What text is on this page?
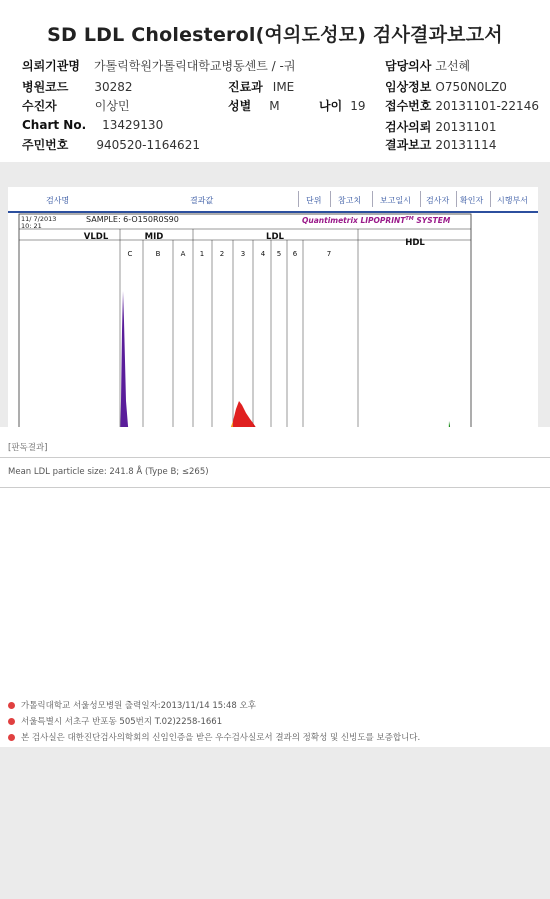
SD LDL Cholesterol(여의도성모) 검사결과보고서
의뢰기관명 가톨릭학원가톨릭대학교병동센트 / -궈
병원코드 30282	진료과 IME
수진자	이상민	성별 M	나이 19
Chart No. 13429130
주민번호 940520-1164621
담당의사 고선혜
임상정보 O750N0LZ0
접수번호 20131101-22146
검사의뢰 20131101
결과보고 20131114
검사명	결과값	단위 참고치 보고일시 검사자 확인자 시행부서
11/ 7/2013
10: 21
SAMPLE: 6-O150R0S90	Quantimetrix LIPOPRINT™ SYSTEM
VLDL	MID	LDL
HDL
C	B	A 1 2 3 4 5 6	7
[판독결과]
Mean LDL particle size: 241.8 Å (Type B; ≤265)
가톨릭대학교 서울성모병원 출력일자:2013/11/14 15:48 오후
서울특별시 서초구 반포동 505번지 T.02)2258-1661
본 검사실은 대한진단검사의학회의 신임인증을 받은 우수검사실로서 결과의 정확성 및 신빙도를 보증합니다.
